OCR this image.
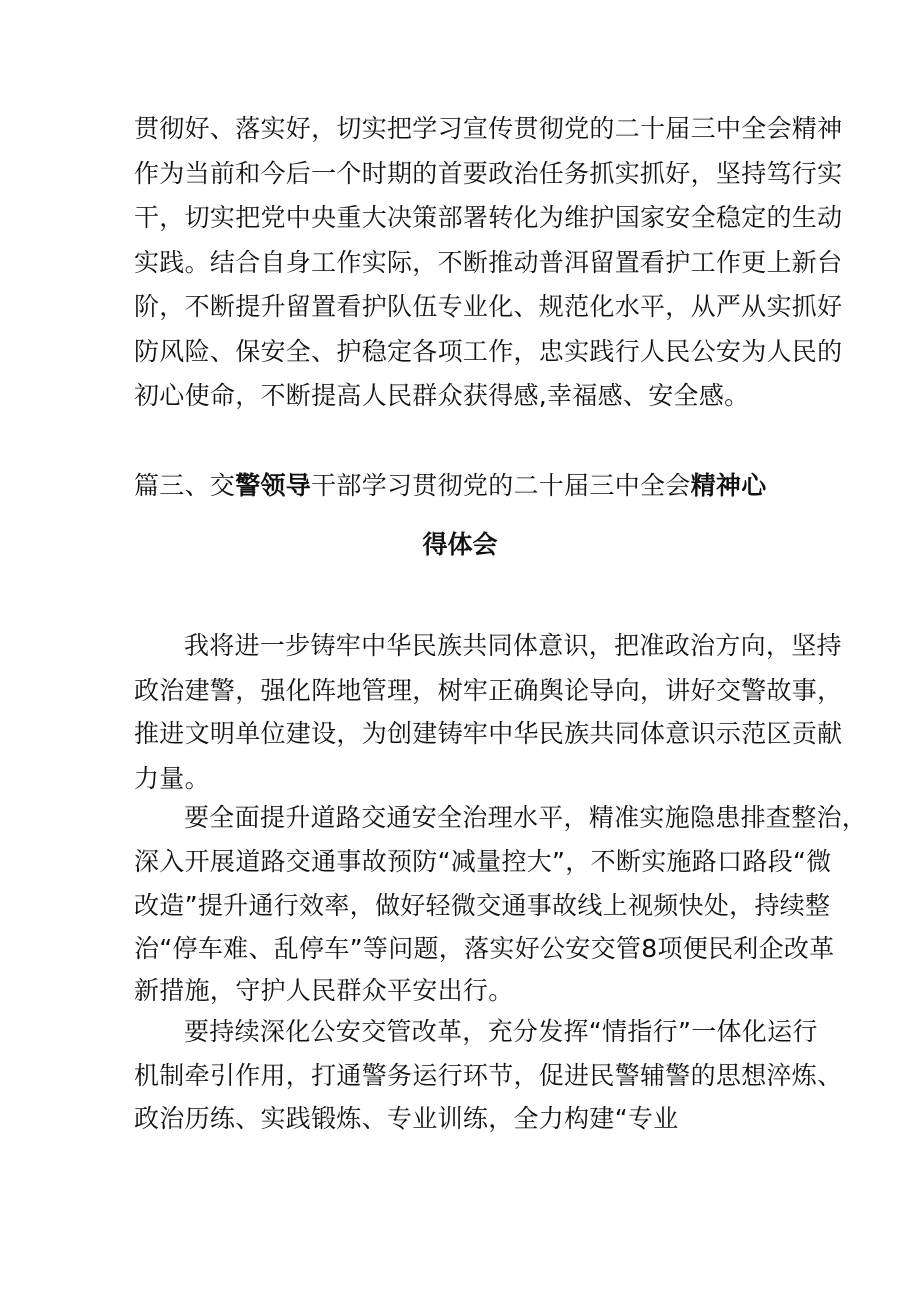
贯彻好、落实好，切实把学习宣传贯彻党的二十届三中全会精神
作为当前和今后一个时期的首要政治任务抓实抓好，坚持笃行实
干，切实把党中央重大决策部署转化为维护国家安全稳定的生动
实践。结合自身工作实际，不断推动普洱留置看护工作更上新台
阶，不断提升留置看护队伍专业化、规范化水平，从严从实抓好
防风险、保安全、护稳定各项工作，忠实践行人民公安为人民的
初心使命，不断提高人民群众获得感,幸福感、安全感。
篇三、交警领导干部学习贯彻党的二十届三中全会精神心
得体会
我将进一步铸牢中华民族共同体意识，把准政治方向，坚持
政治建警，强化阵地管理，树牢正确舆论导向，讲好交警故事，
推进文明单位建设，为创建铸牢中华民族共同体意识示范区贡献
力量。
要全面提升道路交通安全治理水平，精准实施隐患排查整治，
深入开展道路交通事故预防“减量控大”，不断实施路口路段“微
改造”提升通行效率，做好轻微交通事故线上视频快处，持续整
治“停车难、乱停车”等问题，落实好公安交管8项便民利企改革
新措施，守护人民群众平安出行。
要持续深化公安交管改革，充分发挥“情指行”一体化运行
机制牵引作用，打通警务运行环节，促进民警辅警的思想淬炼、
政治历练、实践锻炼、专业训练，全力构建“专业
